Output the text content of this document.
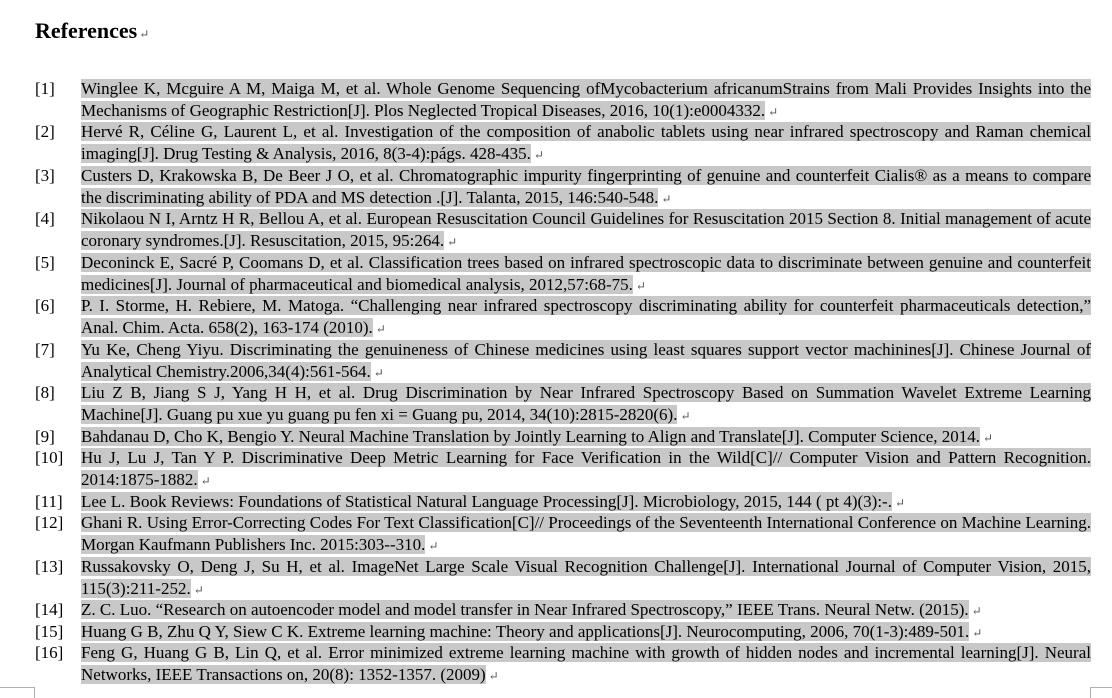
References ↵
[1] Winglee K, Mcguire A M, Maiga M, et al. Whole Genome Sequencing ofMycobacterium africanumStrains from Mali Provides Insights into the Mechanisms of Geographic Restriction[J]. Plos Neglected Tropical Diseases, 2016, 10(1):e0004332. ↵
[2] Hervé R, Céline G, Laurent L, et al. Investigation of the composition of anabolic tablets using near infrared spectroscopy and Raman chemical imaging[J]. Drug Testing & Analysis, 2016, 8(3-4):págs. 428-435. ↵
[3] Custers D, Krakowska B, De Beer J O, et al. Chromatographic impurity fingerprinting of genuine and counterfeit Cialis® as a means to compare the discriminating ability of PDA and MS detection .[J]. Talanta, 2015, 146:540-548. ↵
[4] Nikolaou N I, Arntz H R, Bellou A, et al. European Resuscitation Council Guidelines for Resuscitation 2015 Section 8. Initial management of acute coronary syndromes.[J]. Resuscitation, 2015, 95:264. ↵
[5] Deconinck E, Sacré P, Coomans D, et al. Classification trees based on infrared spectroscopic data to discriminate between genuine and counterfeit medicines[J]. Journal of pharmaceutical and biomedical analysis, 2012,57:68-75. ↵
[6] P. I. Storme, H. Rebiere, M. Matoga. “Challenging near infrared spectroscopy discriminating ability for counterfeit pharmaceuticals detection,” Anal. Chim. Acta. 658(2), 163-174 (2010). ↵
[7] Yu Ke, Cheng Yiyu. Discriminating the genuineness of Chinese medicines using least squares support vector machinines[J]. Chinese Journal of Analytical Chemistry.2006,34(4):561-564. ↵
[8] Liu Z B, Jiang S J, Yang H H, et al. Drug Discrimination by Near Infrared Spectroscopy Based on Summation Wavelet Extreme Learning Machine[J]. Guang pu xue yu guang pu fen xi = Guang pu, 2014, 34(10):2815-2820(6). ↵
[9] Bahdanau D, Cho K, Bengio Y. Neural Machine Translation by Jointly Learning to Align and Translate[J]. Computer Science, 2014. ↵
[10] Hu J, Lu J, Tan Y P. Discriminative Deep Metric Learning for Face Verification in the Wild[C]// Computer Vision and Pattern Recognition. 2014:1875-1882. ↵
[11] Lee L. Book Reviews: Foundations of Statistical Natural Language Processing[J]. Microbiology, 2015, 144 ( pt 4)(3):-. ↵
[12] Ghani R. Using Error-Correcting Codes For Text Classification[C]// Proceedings of the Seventeenth International Conference on Machine Learning. Morgan Kaufmann Publishers Inc. 2015:303--310. ↵
[13] Russakovsky O, Deng J, Su H, et al. ImageNet Large Scale Visual Recognition Challenge[J]. International Journal of Computer Vision, 2015, 115(3):211-252. ↵
[14] Z. C. Luo. “Research on autoencoder model and model transfer in Near Infrared Spectroscopy,” IEEE Trans. Neural Netw. (2015). ↵
[15] Huang G B, Zhu Q Y, Siew C K. Extreme learning machine: Theory and applications[J]. Neurocomputing, 2006, 70(1-3):489-501. ↵
[16] Feng G, Huang G B, Lin Q, et al. Error minimized extreme learning machine with growth of hidden nodes and incremental learning[J]. Neural Networks, IEEE Transactions on, 20(8): 1352-1357. (2009) ↵
